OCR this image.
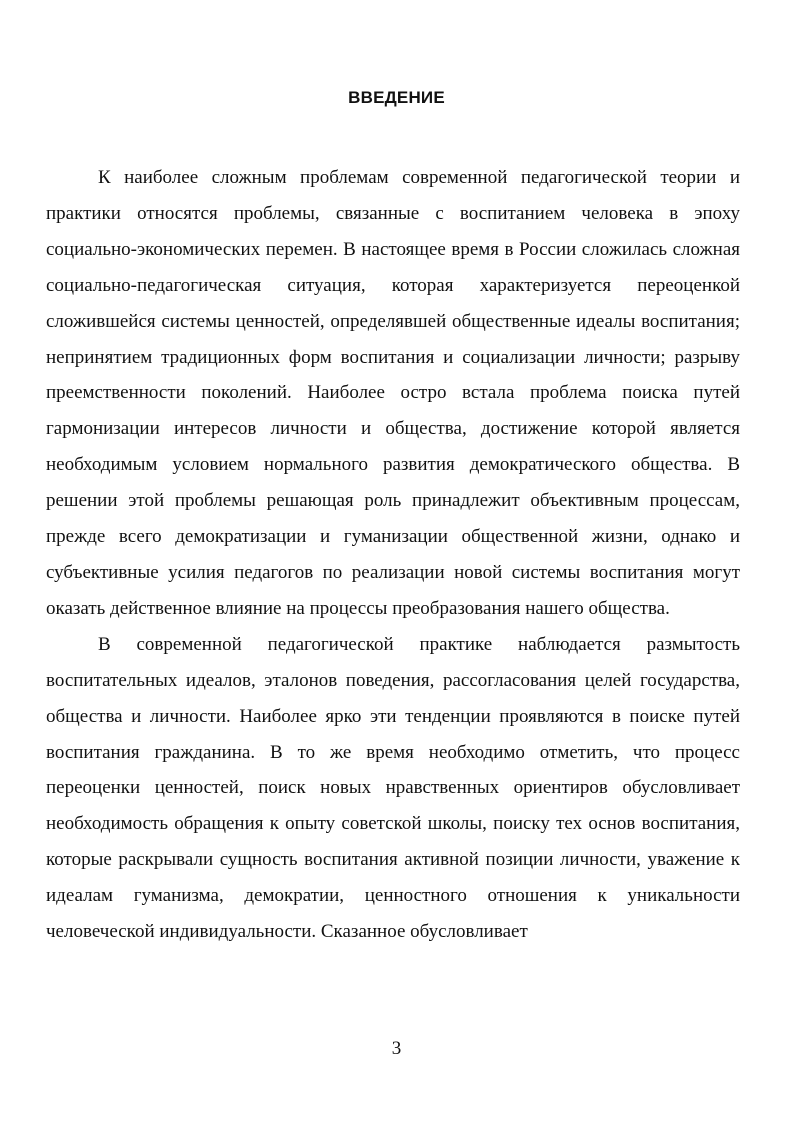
ВВЕДЕНИЕ

К наиболее сложным проблемам современной педагогической теории и практики относятся проблемы, связанные с воспитанием человека в эпоху социально-экономических перемен. В настоящее время в России сложилась сложная социально-педагогическая ситуация, которая характеризуется переоценкой сложившейся системы ценностей, определявшей общественные идеалы воспитания; непринятием традиционных форм воспитания и социализации личности; разрыву преемственности поколений. Наиболее остро встала проблема поиска путей гармонизации интересов личности и общества, достижение которой является необходимым условием нормального развития демократического общества. В решении этой проблемы решающая роль принадлежит объективным процессам, прежде всего демократизации и гуманизации общественной жизни, однако и субъективные усилия педагогов по реализации новой системы воспитания могут оказать действенное влияние на процессы преобразования нашего общества.

В современной педагогической практике наблюдается размытость воспитательных идеалов, эталонов поведения, рассогласования целей государства, общества и личности. Наиболее ярко эти тенденции проявляются в поиске путей воспитания гражданина. В то же время необходимо отметить, что процесс переоценки ценностей, поиск новых нравственных ориентиров обусловливает необходимость обращения к опыту советской школы, поиску тех основ воспитания, которые раскрывали сущность воспитания активной позиции личности, уважение к идеалам гуманизма, демократии, ценностного отношения к уникальности человеческой индивидуальности. Сказанное обусловливает

3
